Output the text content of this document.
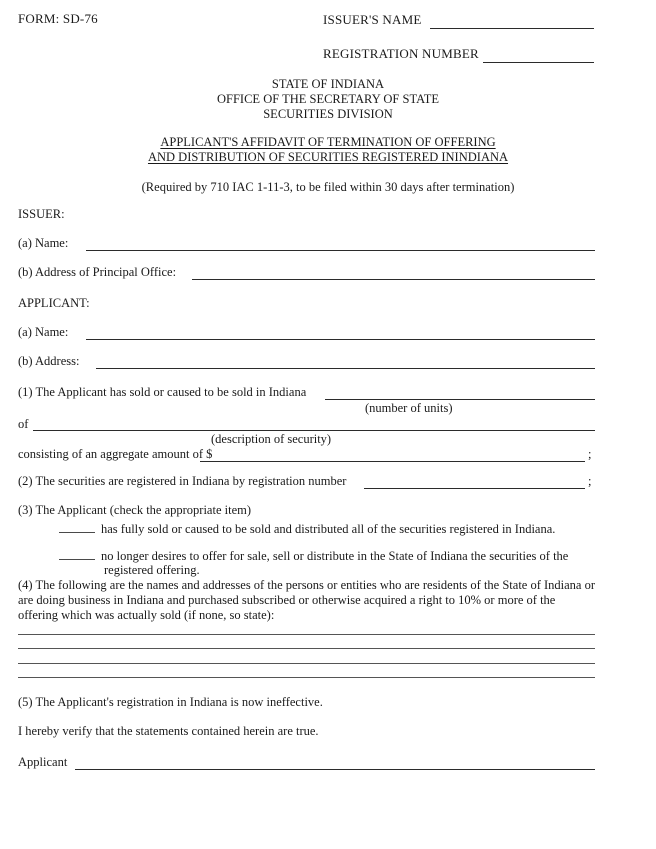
FORM: SD-76	ISSUER'S NAME
REGISTRATION NUMBER
STATE OF INDIANA
OFFICE OF THE SECRETARY OF STATE
SECURITIES DIVISION
APPLICANT'S AFFIDAVIT OF TERMINATION OF OFFERING
AND DISTRIBUTION OF SECURITIES REGISTERED ININDIANA
(Required by 710 IAC 1-11-3, to be filed within 30 days after termination)
ISSUER:
(a) Name:
(b) Address of Principal Office:
APPLICANT:
(a) Name:
(b) Address:
(1) The Applicant has sold or caused to be sold in Indiana
(number of units)
of
(description of security)
consisting of an aggregate amount of $	;
(2) The securities are registered in Indiana by registration number	;
(3) The Applicant (check the appropriate item)
has fully sold or caused to be sold and distributed all of the securities registered in Indiana.
no longer desires to offer for sale, sell or distribute in the State of Indiana the securities of the
registered offering.
(4) The following are the names and addresses of the persons or entities who are residents of the State of Indiana or are doing business in Indiana and purchased subscribed or otherwise acquired a right to 10% or more of the offering which was actually sold (if none, so state):
(5) The Applicant's registration in Indiana is now ineffective.
I hereby verify that the statements contained herein are true.
Applicant
